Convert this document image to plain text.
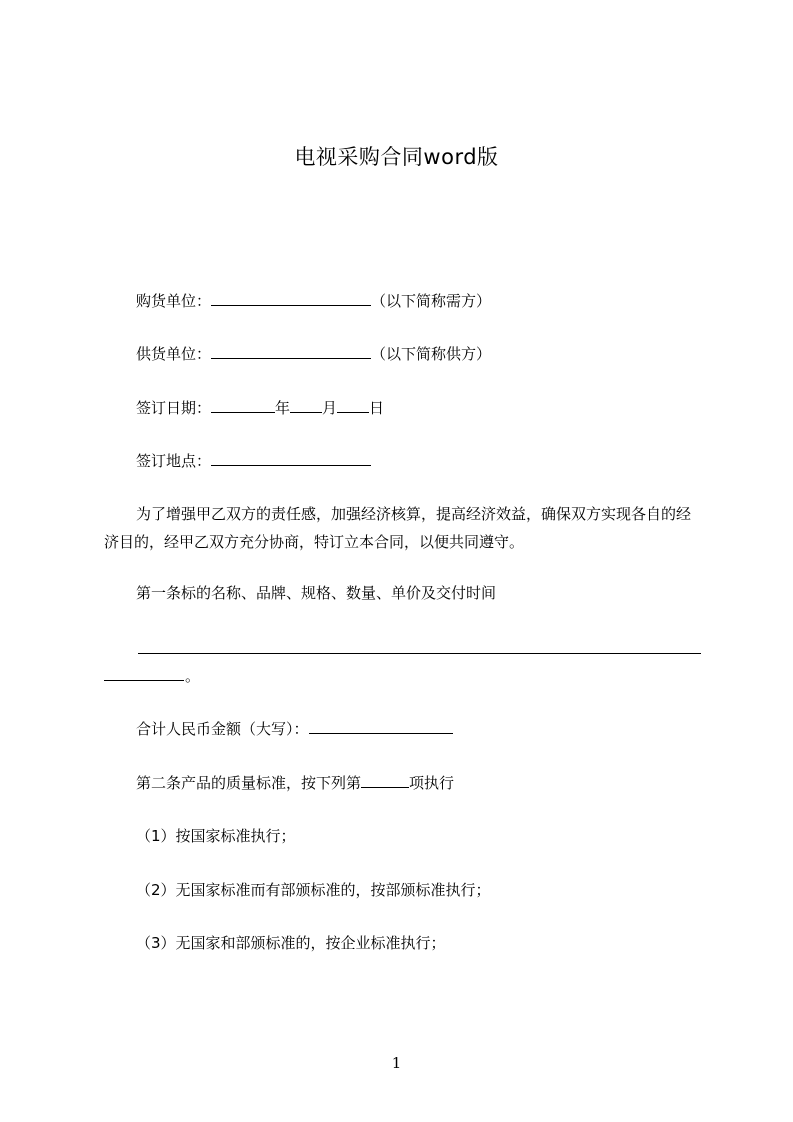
电视采购合同word版
购货单位：	（以下简称需方）
供货单位：	（以下简称供方）
签订日期：	年 月 日
签订地点：
为了增强甲乙双方的责任感，加强经济核算，提高经济效益，确保双方实现各自的经济目的，经甲乙双方充分协商，特订立本合同，以便共同遵守。
第一条标的名称、品牌、规格、数量、单价及交付时间
。
合计人民币金额（大写）：
第二条产品的质量标准，按下列第	项执行
（1）按国家标准执行；
（2）无国家标准而有部颁标准的，按部颁标准执行；
（3）无国家和部颁标准的，按企业标准执行；
1
